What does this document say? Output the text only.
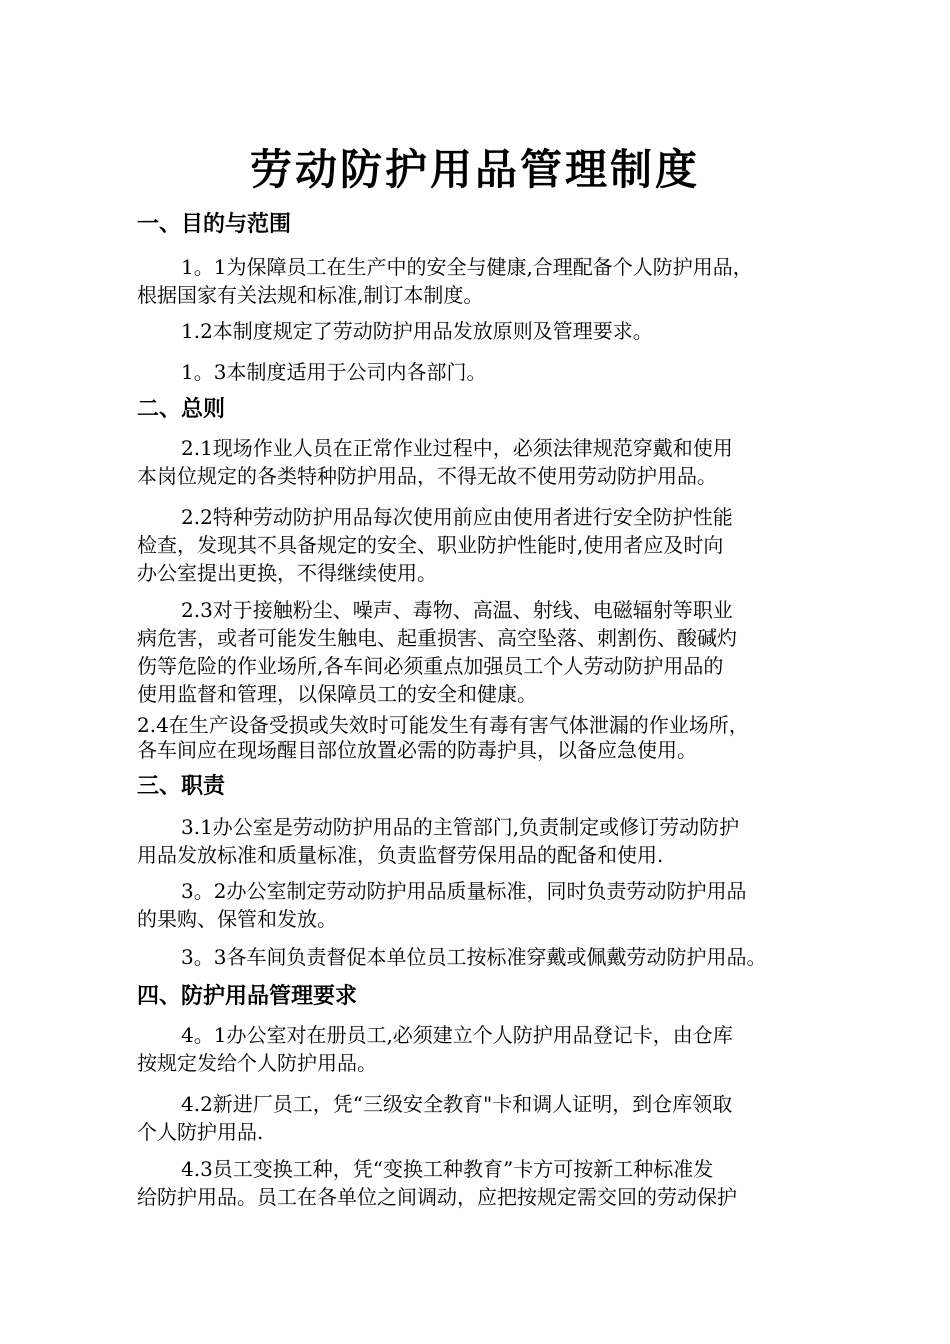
劳动防护用品管理制度
一、目的与范围

1。1为保障员工在生产中的安全与健康,合理配备个人防护用品，
根据国家有关法规和标准,制订本制度。

1.2本制度规定了劳动防护用品发放原则及管理要求。

1。3本制度适用于公司内各部门。

二、总则

2.1现场作业人员在正常作业过程中，必须法律规范穿戴和使用
本岗位规定的各类特种防护用品，不得无故不使用劳动防护用品。

2.2特种劳动防护用品每次使用前应由使用者进行安全防护性能
检查，发现其不具备规定的安全、职业防护性能时,使用者应及时向
办公室提出更换，不得继续使用。

2.3对于接触粉尘、噪声、毒物、高温、射线、电磁辐射等职业
病危害，或者可能发生触电、起重损害、高空坠落、刺割伤、酸碱灼
伤等危险的作业场所,各车间必须重点加强员工个人劳动防护用品的
使用监督和管理，以保障员工的安全和健康。

2.4在生产设备受损或失效时可能发生有毒有害气体泄漏的作业场所，
各车间应在现场醒目部位放置必需的防毒护具，以备应急使用。

三、职责

3.1办公室是劳动防护用品的主管部门,负责制定或修订劳动防护
用品发放标准和质量标准，负责监督劳保用品的配备和使用.

3。2办公室制定劳动防护用品质量标准，同时负责劳动防护用品
的果购、保管和发放。

3。3各车间负责督促本单位员工按标准穿戴或佩戴劳动防护用品。

四、防护用品管理要求

4。1办公室对在册员工,必须建立个人防护用品登记卡，由仓库
按规定发给个人防护用品。

4.2新进厂员工，凭“三级安全教育"卡和调人证明，到仓库领取
个人防护用品.

4.3员工变换工种，凭“变换工种教育”卡方可按新工种标准发
给防护用品。员工在各单位之间调动，应把按规定需交回的劳动保护
